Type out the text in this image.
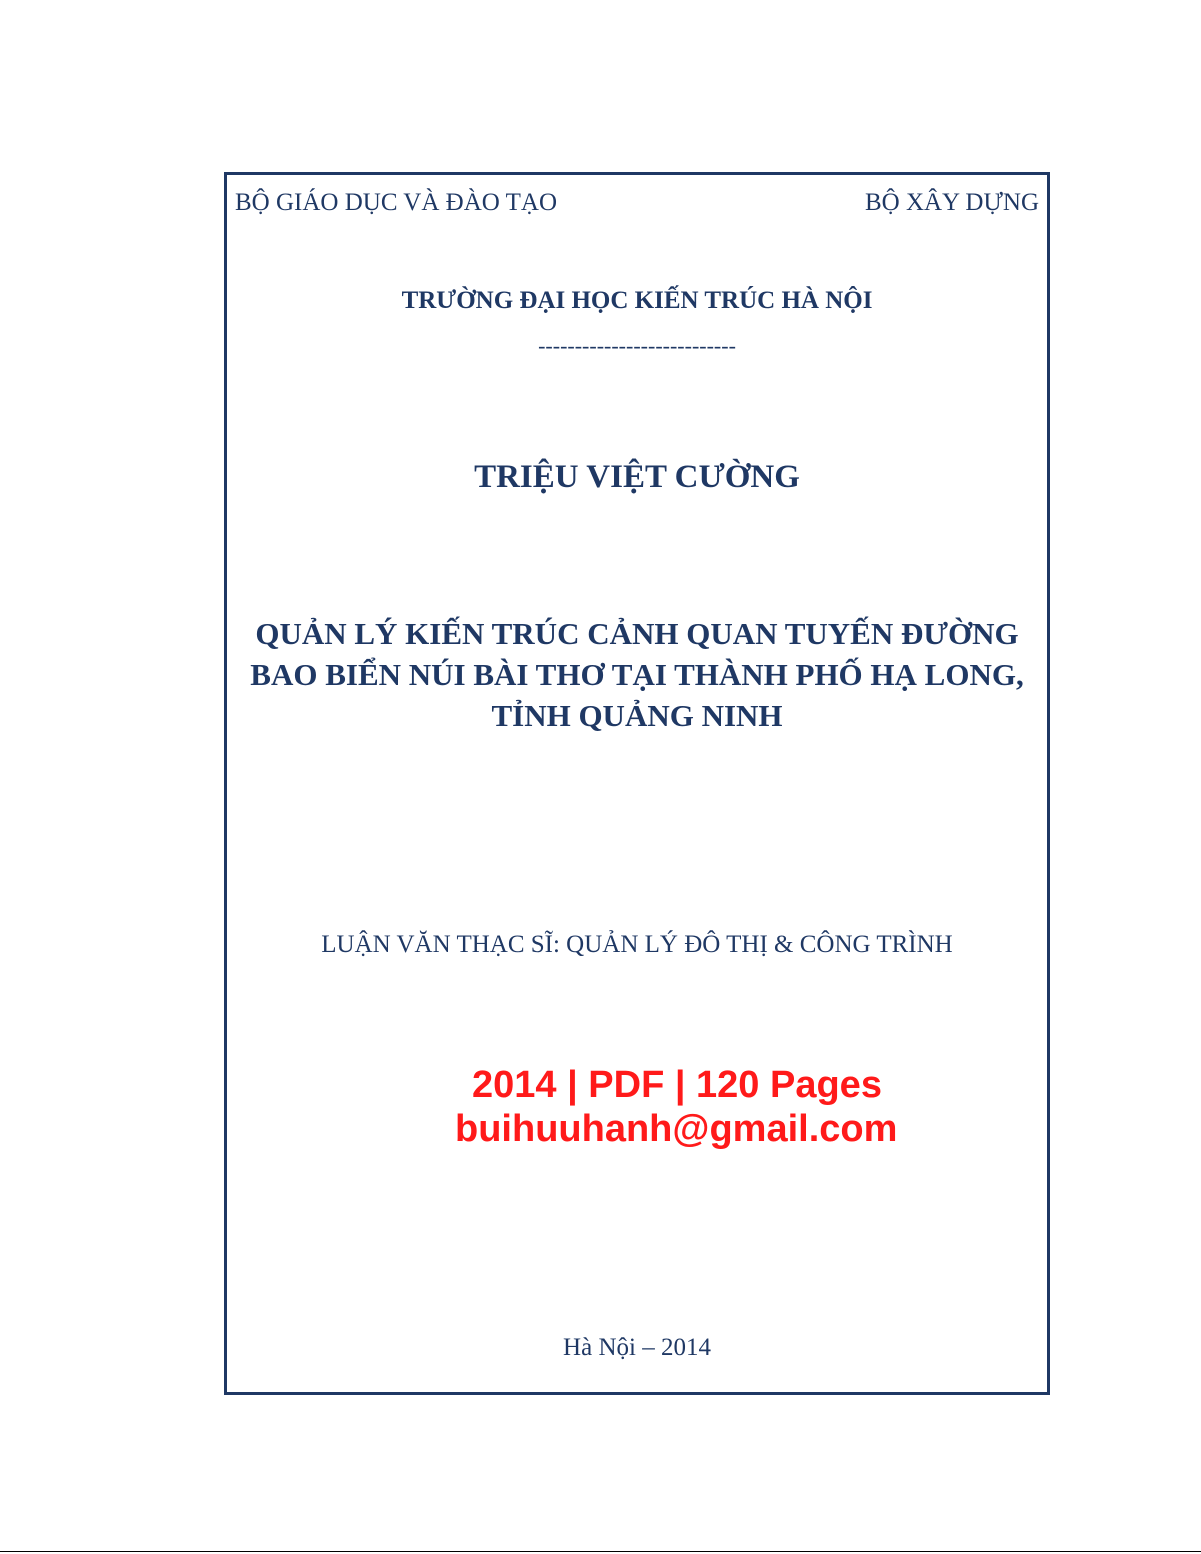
BỘ GIÁO DỤC VÀ ĐÀO TẠO	BỘ XÂY DỰNG
TRƯỜNG ĐẠI HỌC KIẾN TRÚC HÀ NỘI
---------------------------
TRIỆU VIỆT CƯỜNG
QUẢN LÝ KIẾN TRÚC CẢNH QUAN TUYẾN ĐƯỜNG
BAO BIỂN NÚI BÀI THƠ TẠI THÀNH PHỐ HẠ LONG,
TỈNH QUẢNG NINH
LUẬN VĂN THẠC SĨ: QUẢN LÝ ĐÔ THỊ & CÔNG TRÌNH
2014 | PDF | 120 Pages
buihuuhanh@gmail.com
Hà Nội – 2014
